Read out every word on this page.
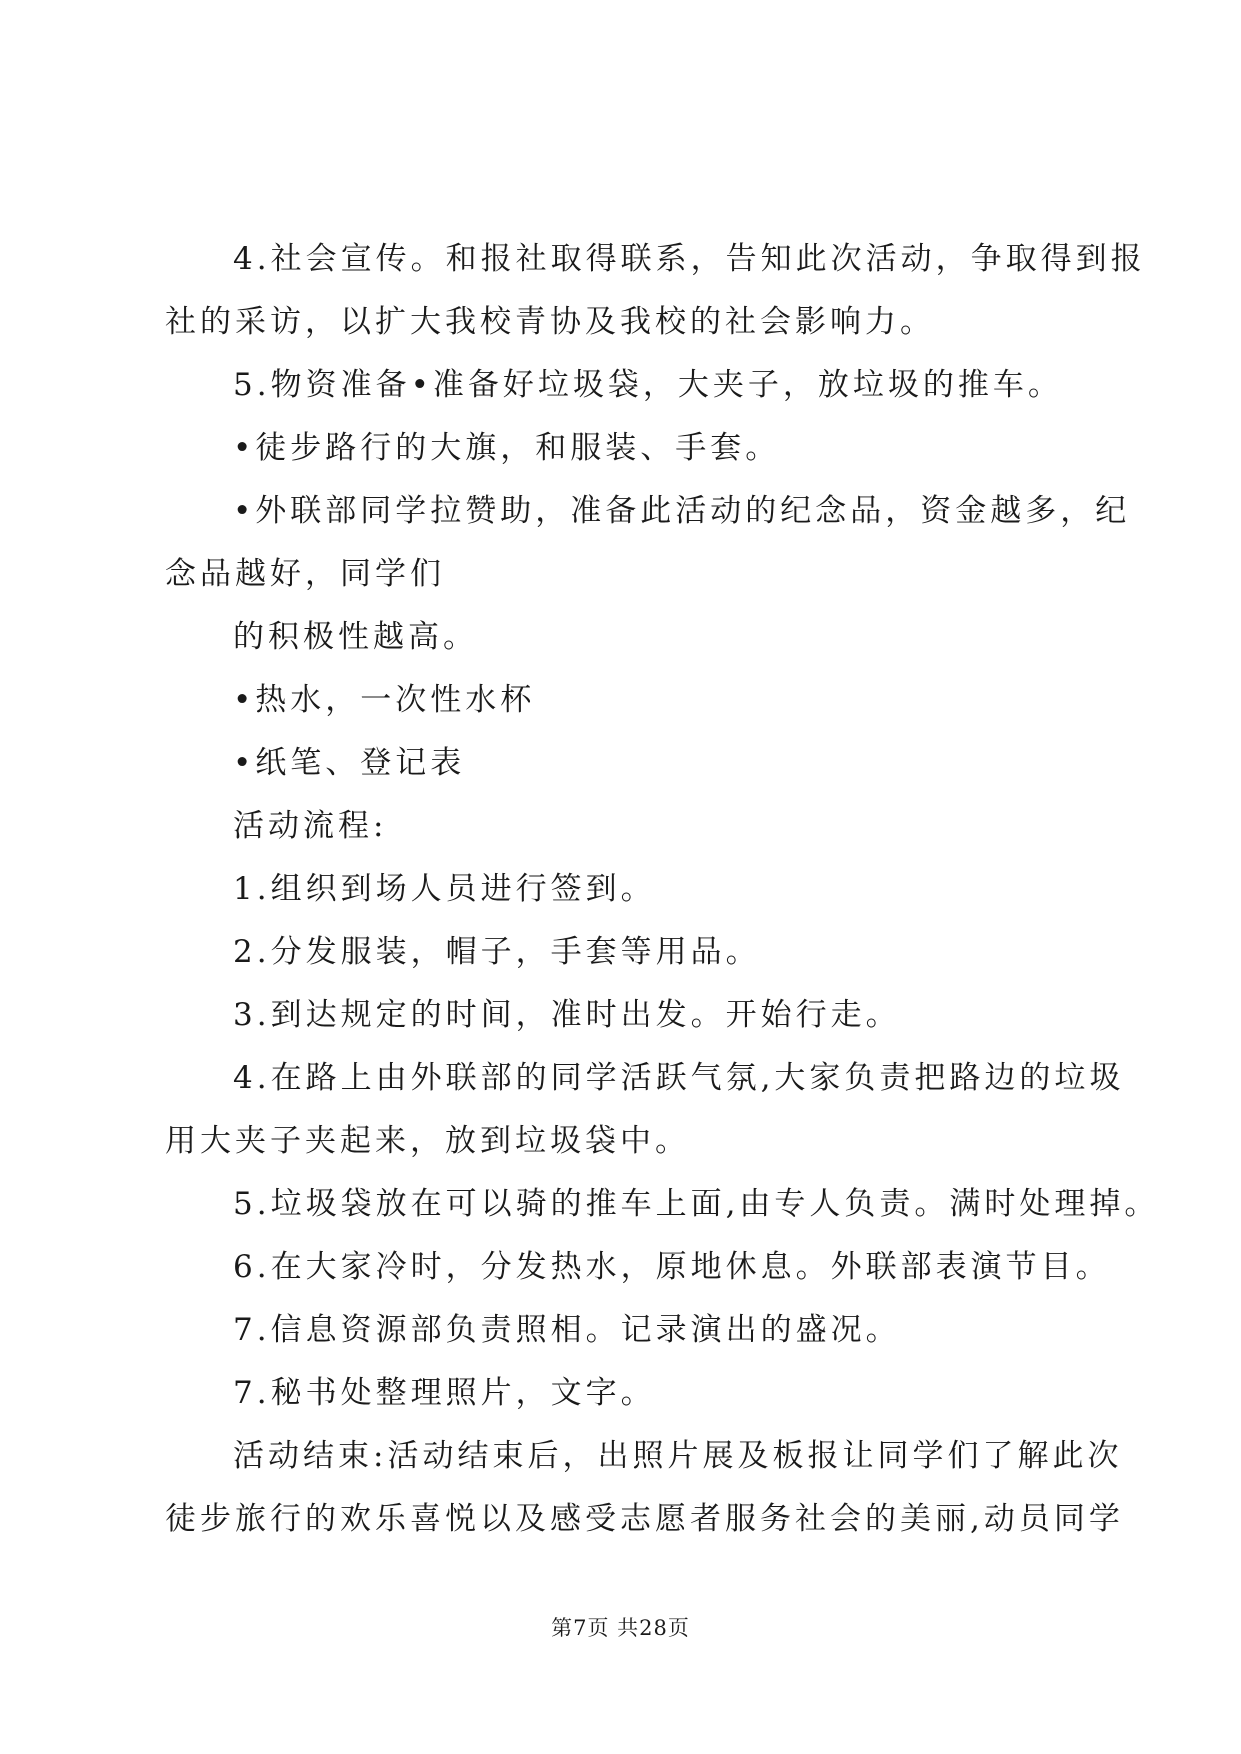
4.社会宣传。和报社取得联系，告知此次活动，争取得到报
社的采访，以扩大我校青协及我校的社会影响力。
5.物资准备•准备好垃圾袋，大夹子，放垃圾的推车。
•徒步路行的大旗，和服装、手套。
•外联部同学拉赞助，准备此活动的纪念品，资金越多，纪
念品越好，同学们
的积极性越高。
•热水，一次性水杯
•纸笔、登记表
活动流程:
1.组织到场人员进行签到。
2.分发服装，帽子，手套等用品。
3.到达规定的时间，准时出发。开始行走。
4.在路上由外联部的同学活跃气氛,大家负责把路边的垃圾
用大夹子夹起来，放到垃圾袋中。
5.垃圾袋放在可以骑的推车上面,由专人负责。满时处理掉。
6.在大家冷时，分发热水，原地休息。外联部表演节目。
7.信息资源部负责照相。记录演出的盛况。
7.秘书处整理照片，文字。
活动结束:活动结束后，出照片展及板报让同学们了解此次
徒步旅行的欢乐喜悦以及感受志愿者服务社会的美丽,动员同学
第7页 共28页
